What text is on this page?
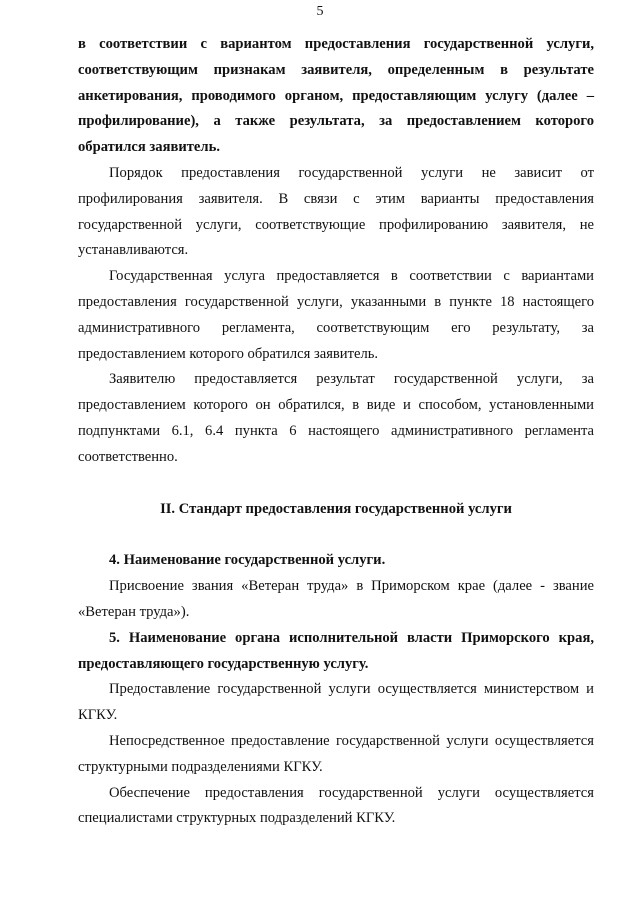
5

в соответствии с вариантом предоставления государственной услуги, соответствующим признакам заявителя, определенным в результате анкетирования, проводимого органом, предоставляющим услугу (далее – профилирование), а также результата, за предоставлением которого обратился заявитель.

Порядок предоставления государственной услуги не зависит от профилирования заявителя. В связи с этим варианты предоставления государственной услуги, соответствующие профилированию заявителя, не устанавливаются.

Государственная услуга предоставляется в соответствии с вариантами предоставления государственной услуги, указанными в пункте 18 настоящего административного регламента, соответствующим его результату, за предоставлением которого обратился заявитель.

Заявителю предоставляется результат государственной услуги, за предоставлением которого он обратился, в виде и способом, установленными подпунктами 6.1, 6.4 пункта 6 настоящего административного регламента соответственно.

II. Стандарт предоставления государственной услуги

4. Наименование государственной услуги.

Присвоение звания «Ветеран труда» в Приморском крае (далее - звание «Ветеран труда»).

5. Наименование органа исполнительной власти Приморского края, предоставляющего государственную услугу.

Предоставление государственной услуги осуществляется министерством и КГКУ.

Непосредственное предоставление государственной услуги осуществляется структурными подразделениями КГКУ.

Обеспечение предоставления государственной услуги осуществляется специалистами структурных подразделений КГКУ.
